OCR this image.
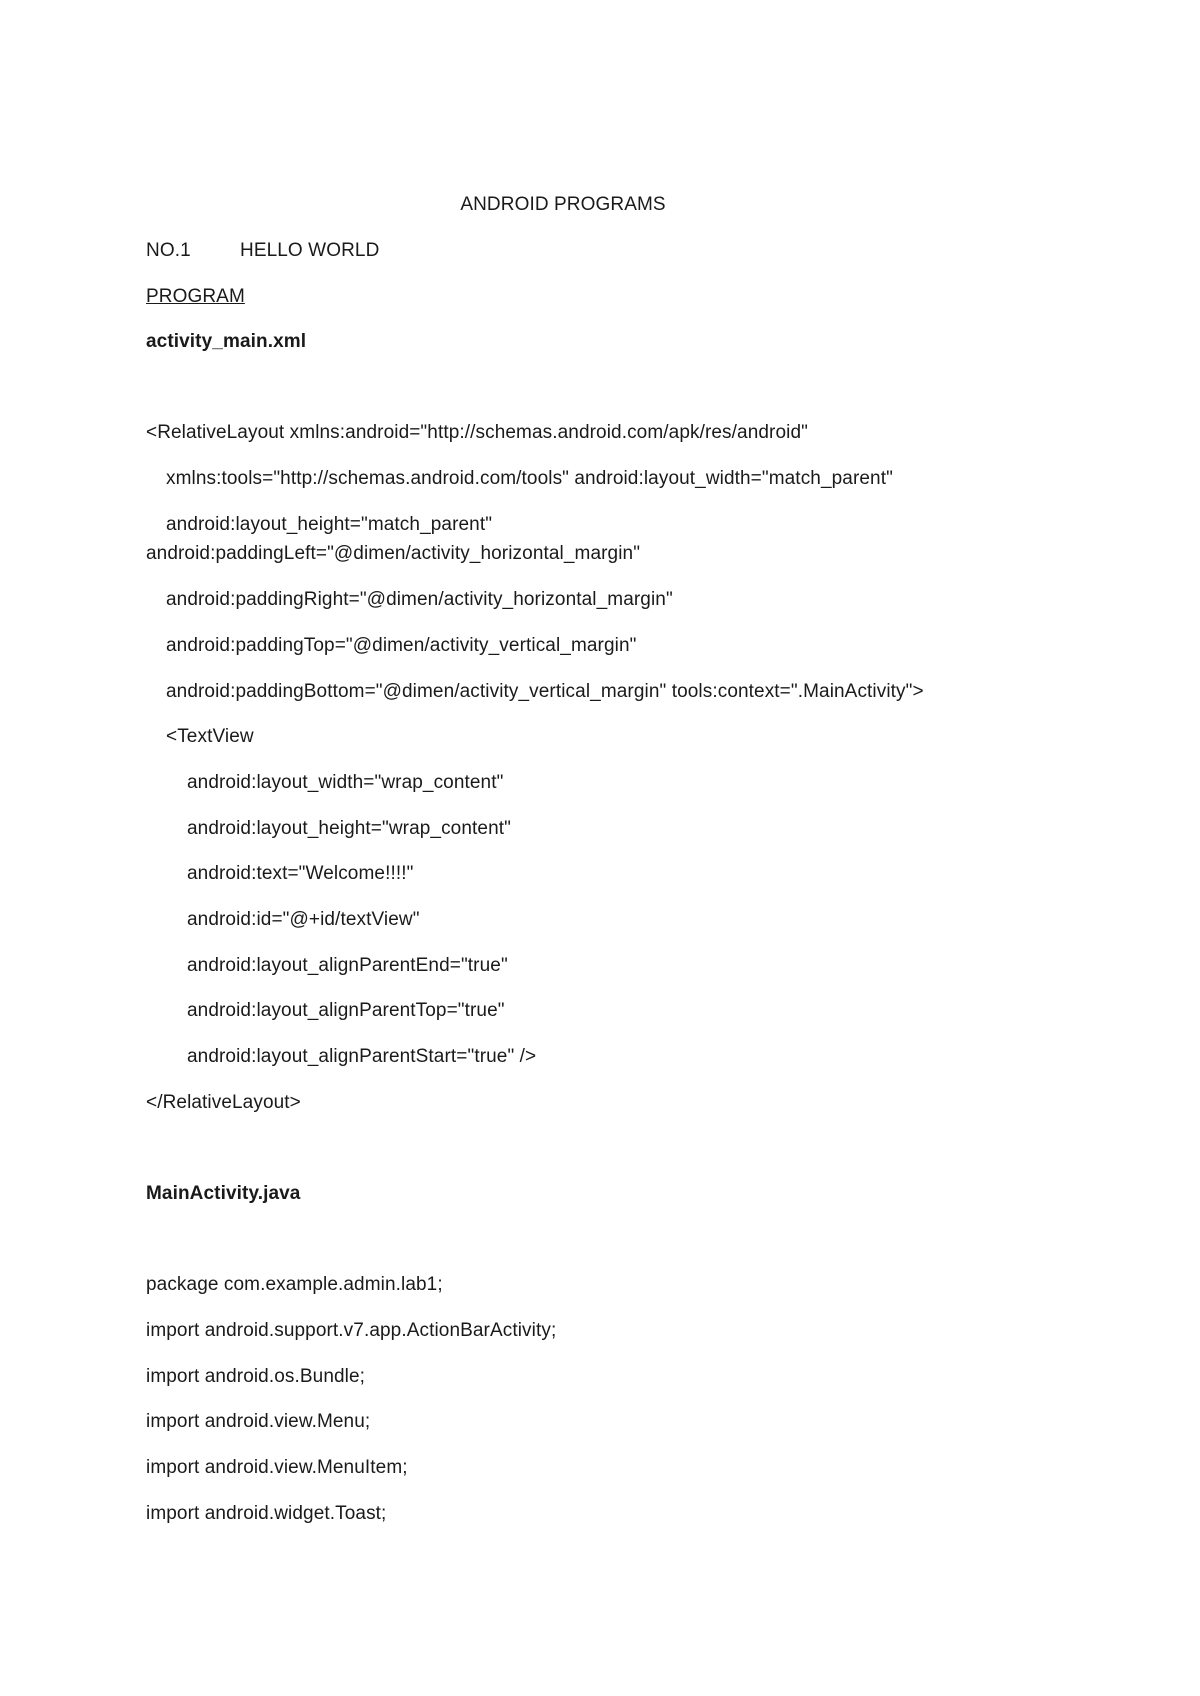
ANDROID PROGRAMS
NO.1	HELLO WORLD
PROGRAM
activity_main.xml
<RelativeLayout xmlns:android="http://schemas.android.com/apk/res/android"
xmlns:tools="http://schemas.android.com/tools" android:layout_width="match_parent"
android:layout_height="match_parent"
android:paddingLeft="@dimen/activity_horizontal_margin"
android:paddingRight="@dimen/activity_horizontal_margin"
android:paddingTop="@dimen/activity_vertical_margin"
android:paddingBottom="@dimen/activity_vertical_margin" tools:context=".MainActivity">
<TextView
android:layout_width="wrap_content"
android:layout_height="wrap_content"
android:text="Welcome!!!!"
android:id="@+id/textView"
android:layout_alignParentEnd="true"
android:layout_alignParentTop="true"
android:layout_alignParentStart="true" />
</RelativeLayout>
MainActivity.java
package com.example.admin.lab1;
import android.support.v7.app.ActionBarActivity;
import android.os.Bundle;
import android.view.Menu;
import android.view.MenuItem;
import android.widget.Toast;
